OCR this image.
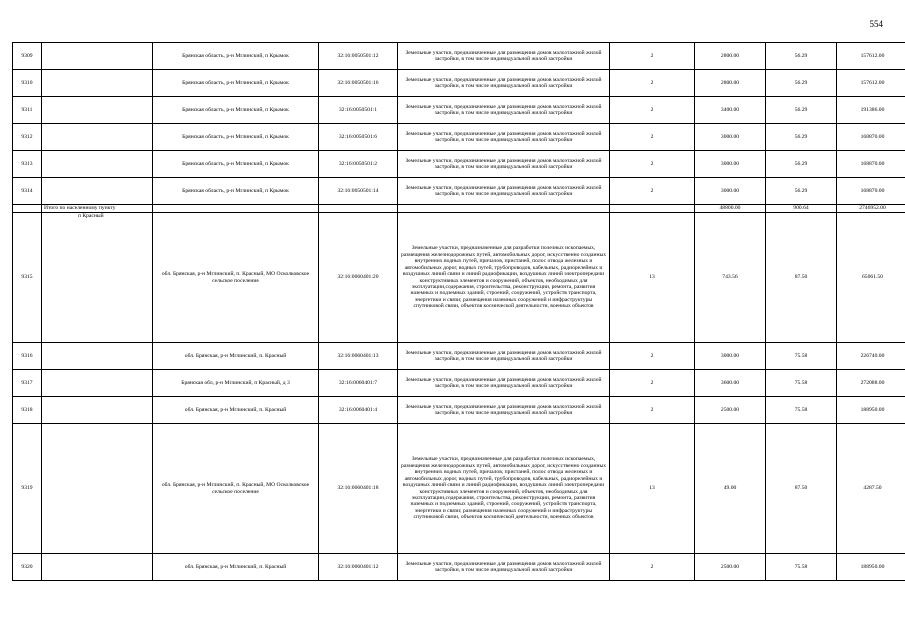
554
9309		Брянская область, р-н Мглинский, п Крымок	32:16:0050501:12	Земельные участки, предназначенные для размещения домов малоэтажной жилой застройки, в том числе индивидуальной жилой застройки	2	2800.00	56.29	157612.00
9310		Брянская область, р-н Мглинский, п Крымок	32:16:0050501:16	Земельные участки, предназначенные для размещения домов малоэтажной жилой застройки, в том числе индивидуальной жилой застройки	2	2800.00	56.29	157612.00
9311		Брянская область, р-н Мглинский, п Крымок	32:16:0050501:1	Земельные участки, предназначенные для размещения домов малоэтажной жилой застройки, в том числе индивидуальной жилой застройки	2	3400.00	56.29	191386.00
9312		Брянская область, р-н Мглинский, п Крымок	32:16:0050501:6	Земельные участки, предназначенные для размещения домов малоэтажной жилой застройки, в том числе индивидуальной жилой застройки	2	3000.00	56.29	168870.00
9313		Брянская область, р-н Мглинский, п Крымок	32:16:0050501:2	Земельные участки, предназначенные для размещения домов малоэтажной жилой застройки, в том числе индивидуальной жилой застройки	2	3000.00	56.29	168870.00
9314		Брянская область, р-н Мглинский, п Крымок	32:16:0050501:14	Земельные участки, предназначенные для размещения домов малоэтажной жилой застройки, в том числе индивидуальной жилой застройки	2	3000.00	56.29	168870.00
	Итого по населенному пункту					48800.00	900.64	2746952.00
9315	п Красный	обл. Брянская, р-н Мглинский, п. Красный, МО Осколковское сельское поселение	32:16:0060401:20	Земельные участки, предназначенные для разработки полезных ископаемых, размещения железнодорожных путей, автомобильных дорог, искусственно созданных внутренних водных путей, причалов, пристаней, полос отвода железных и автомобильных дорог, водных путей, трубопроводов, кабельных, радиорелейных и воздушных линий связи и линий радиофикации, воздушных линий электропередачи конструктивных элементов и сооружений, объектов, необходимых для эксплуатации,содержания, строительства, реконструкции, ремонта, развития наземных и подземных зданий, строений, сооружений, устройств транспорта, энергетики и связи; размещения наземных сооружений и инфраструктуры спутниковой связи, объектов космической деятельности, военных объектов	13	743.56	87.50	65061.50
9316		обл. Брянская, р-н Мглинский, п. Красный	32:16:0060401:13	Земельные участки, предназначенные для размещения домов малоэтажной жилой застройки, в том числе индивидуальной жилой застройки	2	3000.00	75.58	226740.00
9317		Брянская обл, р-н Мглинский, п Красный, д 3	32:16:0060401:7	Земельные участки, предназначенные для размещения домов малоэтажной жилой застройки, в том числе индивидуальной жилой застройки	2	3600.00	75.58	272088.00
9318		обл. Брянская, р-н Мглинский, п. Красный	32:16:0060401:4	Земельные участки, предназначенные для размещения домов малоэтажной жилой застройки, в том числе индивидуальной жилой застройки	2	2500.00	75.58	188950.00
9319		обл. Брянская, р-н Мглинский, п. Красный, МО Осколковское сельское поселение	32:16:0060401:18	Земельные участки, предназначенные для разработки полезных ископаемых, размещения железнодорожных путей, автомобильных дорог, искусственно созданных внутренних водных путей, причалов, пристаней, полос отвода железных и автомобильных дорог, водных путей, трубопроводов, кабельных, радиорелейных и воздушных линий связи и линий радиофикации, воздушных линий электропередачи конструктивных элементов и сооружений, объектов, необходимых для эксплуатации,содержания, строительства, реконструкции, ремонта, развития наземных и подземных зданий, строений, сооружений, устройств транспорта, энергетики и связи; размещения наземных сооружений и инфраструктуры спутниковой связи, объектов космической деятельности, военных объектов	13	49.00	87.50	4287.50
9320		обл. Брянская, р-н Мглинский, п. Красный	32:16:0060401:12	Земельные участки, предназначенные для размещения домов малоэтажной жилой застройки, в том числе индивидуальной жилой застройки	2	2500.00	75.58	188950.00
